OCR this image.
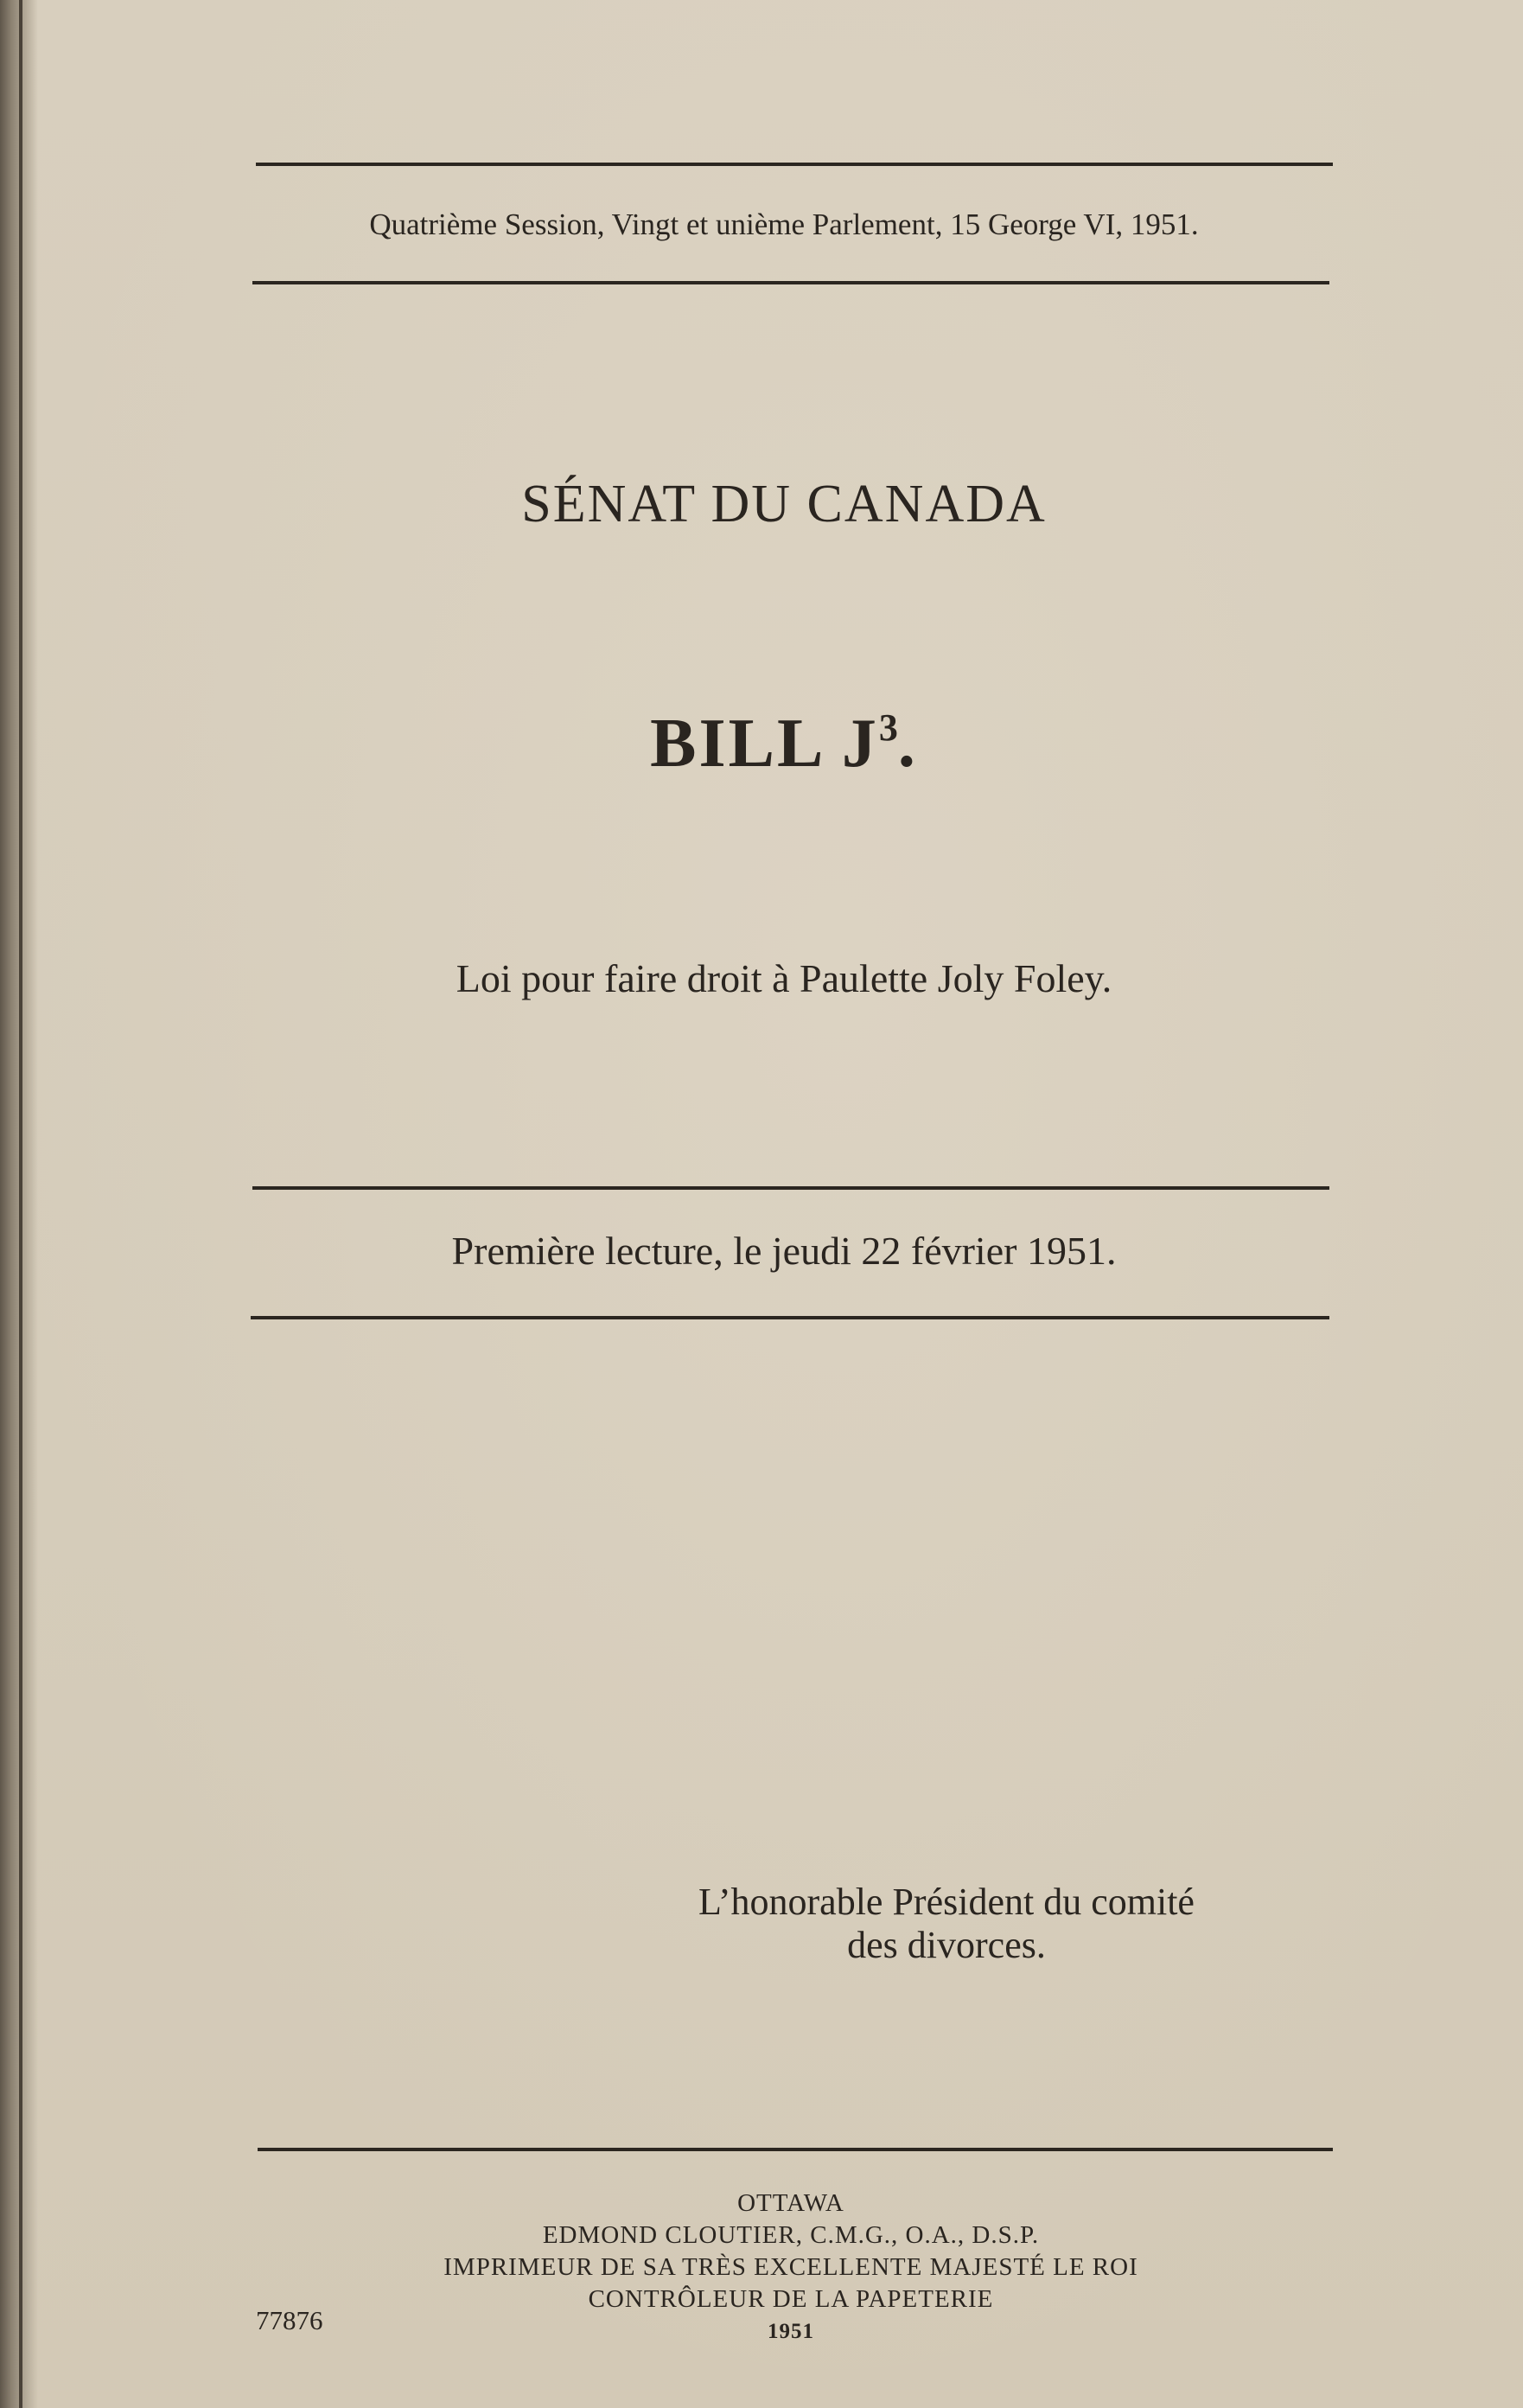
Quatrième Session, Vingt et unième Parlement, 15 George VI, 1951.
SÉNAT DU CANADA
BILL $J^3$.
Loi pour faire droit à Paulette Joly Foley.
Première lecture, le jeudi 22 février 1951.
L’honorable Président du comité
des divorces.
OTTAWA
EDMOND CLOUTIER, C.M.G., O.A., D.S.P.
IMPRIMEUR DE SA TRÈS EXCELLENTE MAJESTÉ LE ROI
CONTRÔLEUR DE LA PAPETERIE
1951
77876
